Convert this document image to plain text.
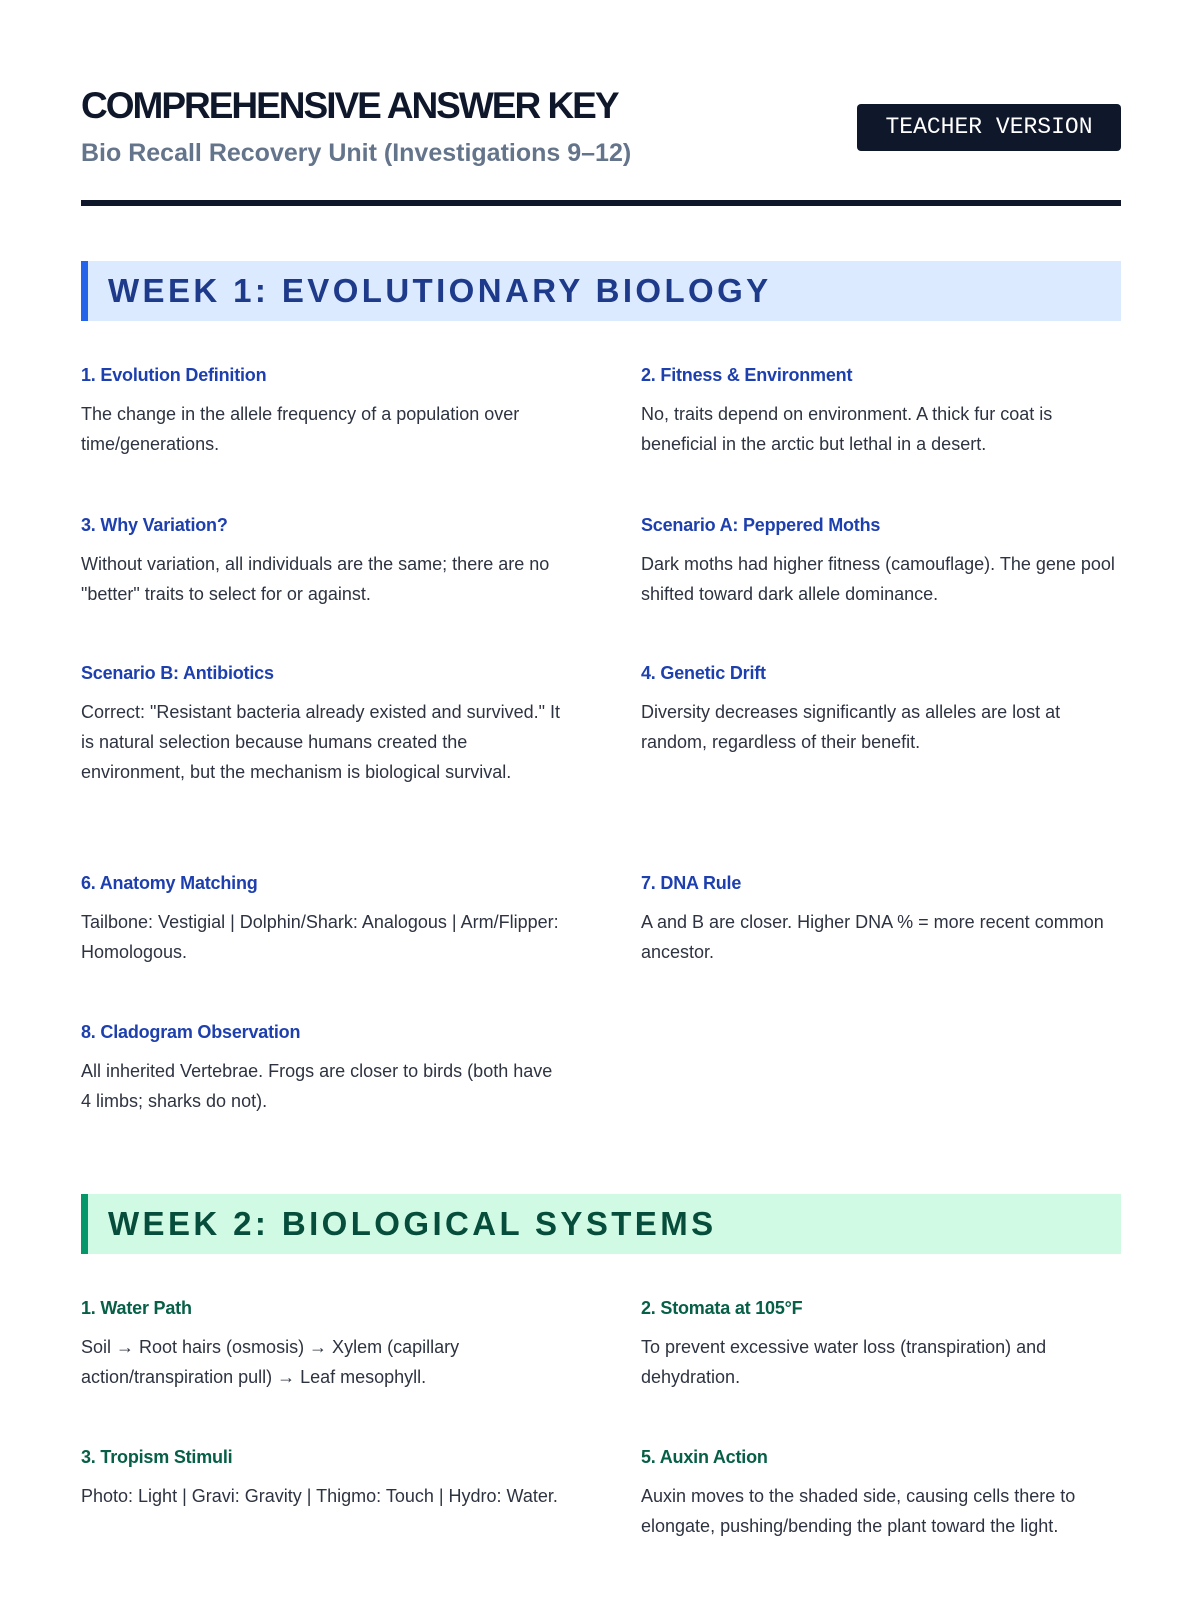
COMPREHENSIVE ANSWER KEY
Bio Recall Recovery Unit (Investigations 9–12)
TEACHER VERSION
WEEK 1: EVOLUTIONARY BIOLOGY

1. Evolution Definition

The change in the allele frequency of a population over time/generations.

2. Fitness & Environment

No, traits depend on environment. A thick fur coat is beneficial in the arctic but lethal in a desert.

3. Why Variation?

Without variation, all individuals are the same; there are no "better" traits to select for or against.

Scenario A: Peppered Moths

Dark moths had higher fitness (camouflage). The gene pool shifted toward dark allele dominance.

Scenario B: Antibiotics

Correct: "Resistant bacteria already existed and survived." It is natural selection because humans created the environment, but the mechanism is biological survival.

4. Genetic Drift

Diversity decreases significantly as alleles are lost at random, regardless of their benefit.

6. Anatomy Matching

Tailbone: Vestigial | Dolphin/Shark: Analogous | Arm/Flipper: Homologous.

7. DNA Rule

A and B are closer. Higher DNA % = more recent common ancestor.

8. Cladogram Observation

All inherited Vertebrae. Frogs are closer to birds (both have 4 limbs; sharks do not).

WEEK 2: BIOLOGICAL SYSTEMS

1. Water Path

Soil → Root hairs (osmosis) → Xylem (capillary action/transpiration pull) → Leaf mesophyll.

2. Stomata at 105°F

To prevent excessive water loss (transpiration) and dehydration.

3. Tropism Stimuli

Photo: Light | Gravi: Gravity | Thigmo: Touch | Hydro: Water.

5. Auxin Action

Auxin moves to the shaded side, causing cells there to elongate, pushing/bending the plant toward the light.
